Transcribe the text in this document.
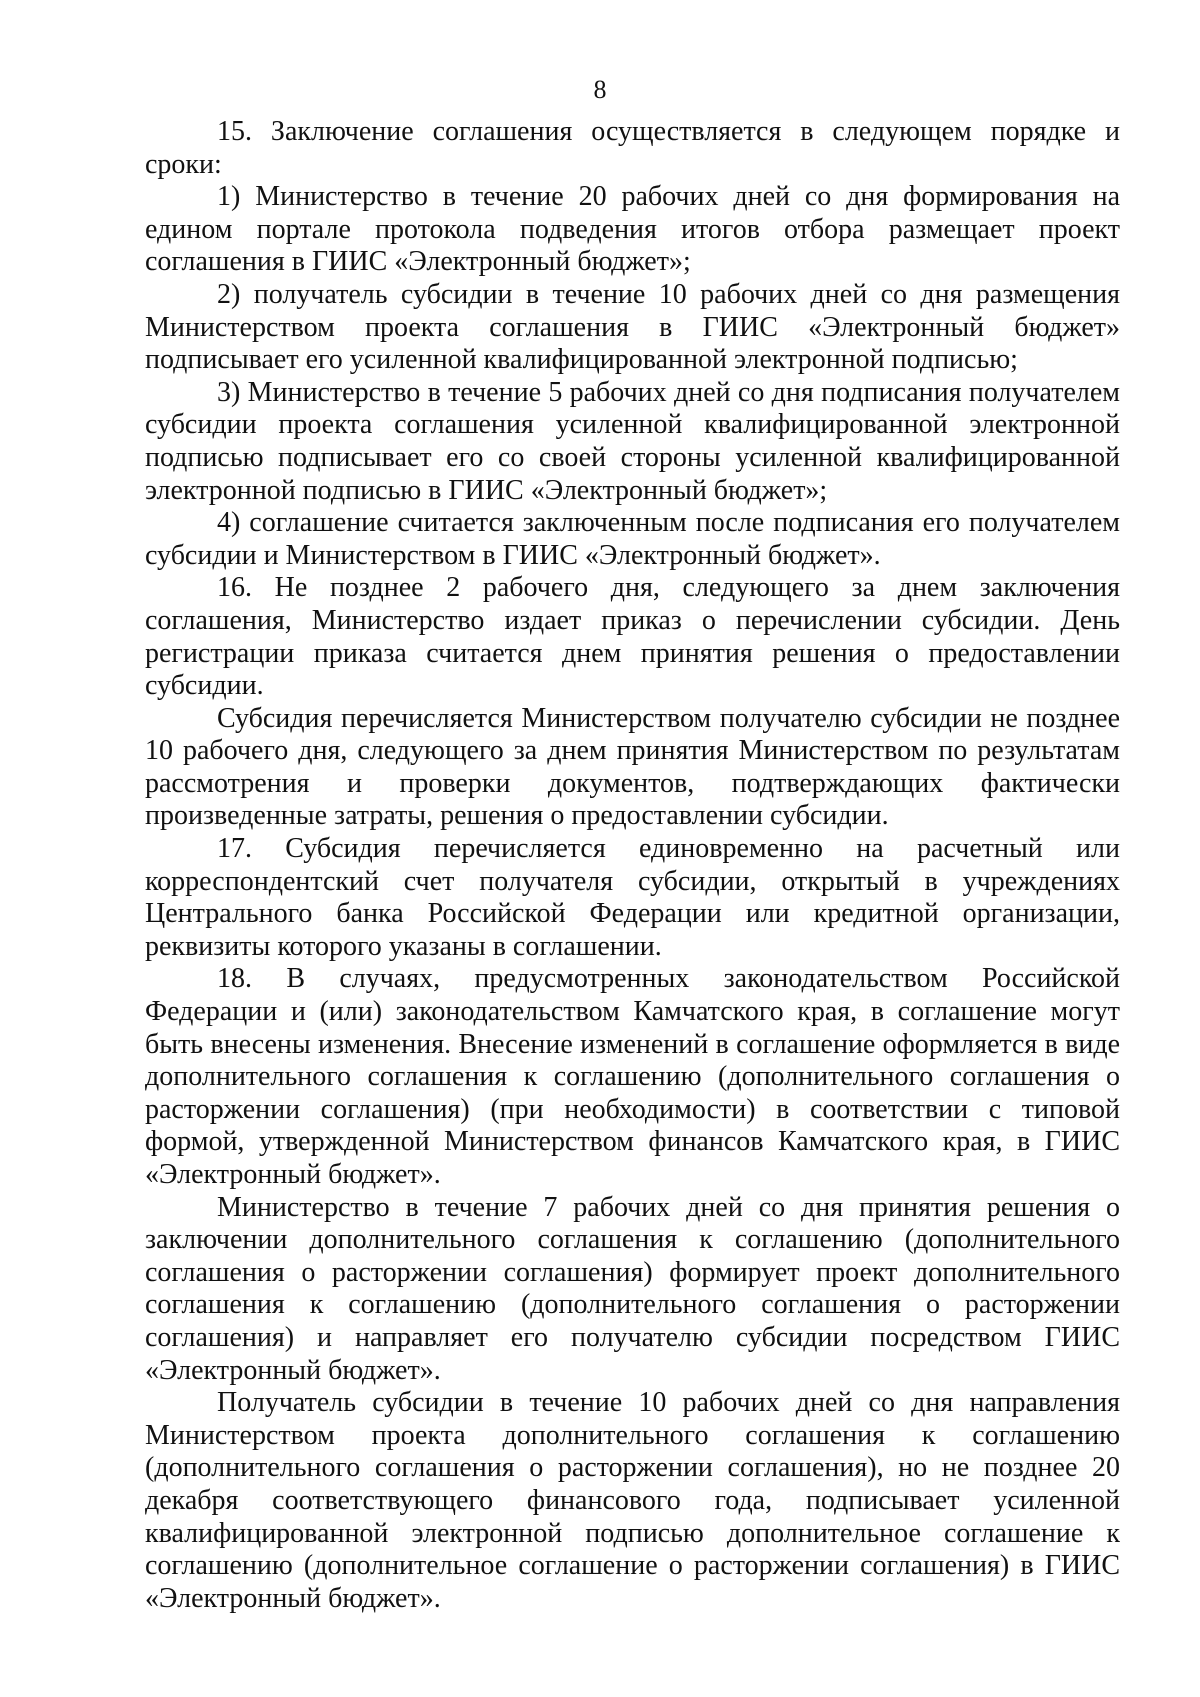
8

15. Заключение соглашения осуществляется в следующем порядке и сроки:

1) Министерство в течение 20 рабочих дней со дня формирования на едином портале протокола подведения итогов отбора размещает проект соглашения в ГИИС «Электронный бюджет»;

2) получатель субсидии в течение 10 рабочих дней со дня размещения Министерством проекта соглашения в ГИИС «Электронный бюджет» подписывает его усиленной квалифицированной электронной подписью;

3) Министерство в течение 5 рабочих дней со дня подписания получателем субсидии проекта соглашения усиленной квалифицированной электронной подписью подписывает его со своей стороны усиленной квалифицированной электронной подписью в ГИИС «Электронный бюджет»;

4) соглашение считается заключенным после подписания его получателем субсидии и Министерством в ГИИС «Электронный бюджет».

16. Не позднее 2 рабочего дня, следующего за днем заключения соглашения, Министерство издает приказ о перечислении субсидии. День регистрации приказа считается днем принятия решения о предоставлении субсидии.

Субсидия перечисляется Министерством получателю субсидии не позднее 10 рабочего дня, следующего за днем принятия Министерством по результатам рассмотрения и проверки документов, подтверждающих фактически произведенные затраты, решения о предоставлении субсидии.

17. Субсидия перечисляется единовременно на расчетный или корреспондентский счет получателя субсидии, открытый в учреждениях Центрального банка Российской Федерации или кредитной организации, реквизиты которого указаны в соглашении.

18. В случаях, предусмотренных законодательством Российской Федерации и (или) законодательством Камчатского края, в соглашение могут быть внесены изменения. Внесение изменений в соглашение оформляется в виде дополнительного соглашения к соглашению (дополнительного соглашения о расторжении соглашения) (при необходимости) в соответствии с типовой формой, утвержденной Министерством финансов Камчатского края, в ГИИС «Электронный бюджет».

Министерство в течение 7 рабочих дней со дня принятия решения о заключении дополнительного соглашения к соглашению (дополнительного соглашения о расторжении соглашения) формирует проект дополнительного соглашения к соглашению (дополнительного соглашения о расторжении соглашения) и направляет его получателю субсидии посредством ГИИС «Электронный бюджет».

Получатель субсидии в течение 10 рабочих дней со дня направления Министерством проекта дополнительного соглашения к соглашению (дополнительного соглашения о расторжении соглашения), но не позднее 20 декабря соответствующего финансового года, подписывает усиленной квалифицированной электронной подписью дополнительное соглашение к соглашению (дополнительное соглашение о расторжении соглашения) в ГИИС «Электронный бюджет».
